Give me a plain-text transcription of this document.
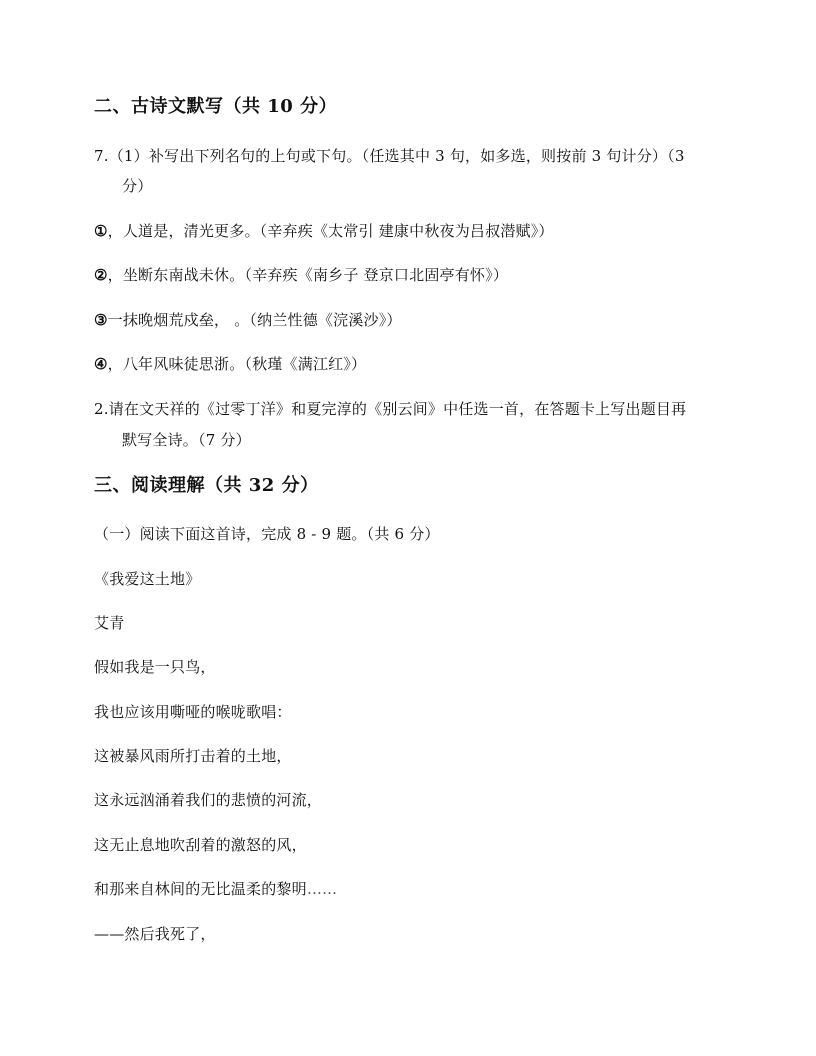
二、古诗文默写（共 10 分）
7.（1）补写出下列名句的上句或下句。（任选其中 3 句，如多选，则按前 3 句计分）（3
分）
①，人道是，清光更多。（辛弃疾《太常引 建康中秋夜为吕叔潜赋》）
②，坐断东南战未休。（辛弃疾《南乡子 登京口北固亭有怀》）
③一抹晚烟荒戍垒， 。（纳兰性德《浣溪沙》）
④，八年风味徒思浙。（秋瑾《满江红》）
2.请在文天祥的《过零丁洋》和夏完淳的《别云间》中任选一首，在答题卡上写出题目再
默写全诗。（7 分）
三、阅读理解（共 32 分）
（一）阅读下面这首诗，完成 8 - 9 题。（共 6 分）
《我爱这土地》
艾青
假如我是一只鸟，
我也应该用嘶哑的喉咙歌唱：
这被暴风雨所打击着的土地，
这永远汹涌着我们的悲愤的河流，
这无止息地吹刮着的激怒的风，
和那来自林间的无比温柔的黎明……
——然后我死了，
